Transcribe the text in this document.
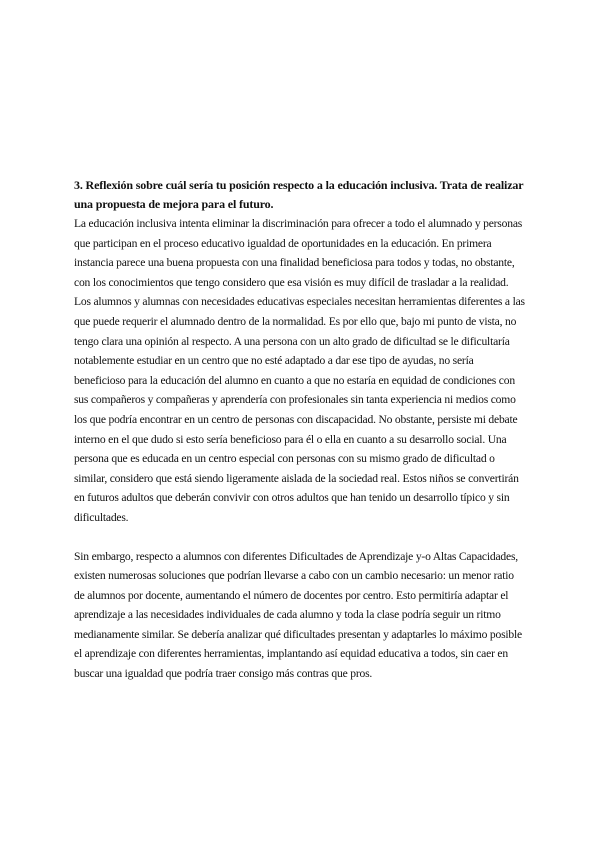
3. Reflexión sobre cuál sería tu posición respecto a la educación inclusiva. Trata de realizar una propuesta de mejora para el futuro.

La educación inclusiva intenta eliminar la discriminación para ofrecer a todo el alumnado y personas que participan en el proceso educativo igualdad de oportunidades en la educación. En primera instancia parece una buena propuesta con una finalidad beneficiosa para todos y todas, no obstante, con los conocimientos que tengo considero que esa visión es muy difícil de trasladar a la realidad.

Los alumnos y alumnas con necesidades educativas especiales necesitan herramientas diferentes a las que puede requerir el alumnado dentro de la normalidad. Es por ello que, bajo mi punto de vista, no tengo clara una opinión al respecto. A una persona con un alto grado de dificultad se le dificultaría notablemente estudiar en un centro que no esté adaptado a dar ese tipo de ayudas, no sería beneficioso para la educación del alumno en cuanto a que no estaría en equidad de condiciones con sus compañeros y compañeras y aprendería con profesionales sin tanta experiencia ni medios como los que podría encontrar en un centro de personas con discapacidad. No obstante, persiste mi debate interno en el que dudo si esto sería beneficioso para él o ella en cuanto a su desarrollo social. Una persona que es educada en un centro especial con personas con su mismo grado de dificultad o similar, considero que está siendo ligeramente aislada de la sociedad real. Estos niños se convertirán en futuros adultos que deberán convivir con otros adultos que han tenido un desarrollo típico y sin dificultades.

Sin embargo, respecto a alumnos con diferentes Dificultades de Aprendizaje y-o Altas Capacidades, existen numerosas soluciones que podrían llevarse a cabo con un cambio necesario: un menor ratio de alumnos por docente, aumentando el número de docentes por centro. Esto permitiría adaptar el aprendizaje a las necesidades individuales de cada alumno y toda la clase podría seguir un ritmo medianamente similar. Se debería analizar qué dificultades presentan y adaptarles lo máximo posible el aprendizaje con diferentes herramientas, implantando así equidad educativa a todos, sin caer en buscar una igualdad que podría traer consigo más contras que pros.
